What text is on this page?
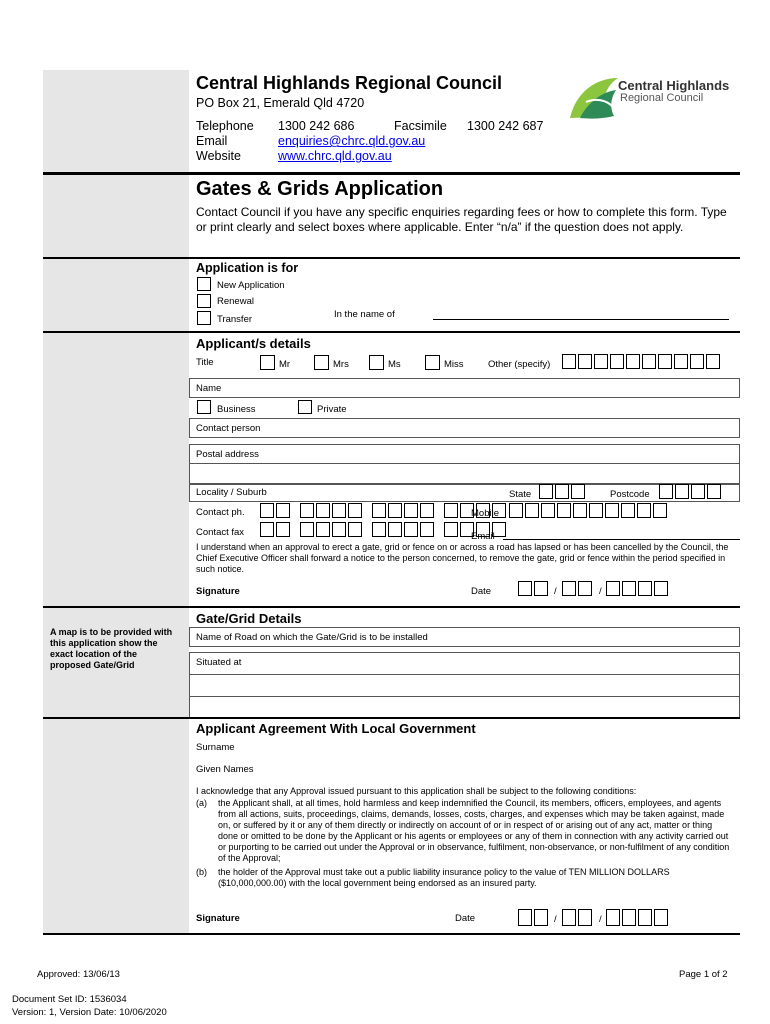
Central Highlands Regional Council
PO Box 21, Emerald Qld 4720
Telephone 1300 242 686	Facsimile 1300 242 687
Email	enquiries@chrc.qld.gov.au
Website	www.chrc.qld.gov.au
Central Highlands
Regional Council
Gates & Grids Application
Contact Council if you have any specific enquiries regarding fees or how to complete this form. Type or print clearly and select boxes where applicable. Enter “n/a” if the question does not apply.
Application is for
New Application
Renewal
Transfer	In the name of
Applicant/s details
Title	Mr	Mrs	Ms	Miss	Other (specify)
Name
Business	Private
Contact person
Postal address
Locality / Suburb	State	Postcode
Contact ph.	Mobile
Contact fax	Email
I understand when an approval to erect a gate, grid or fence on or across a road has lapsed or has been cancelled by the Council, the Chief Executive Officer shall forward a notice to the person concerned, to remove the gate, grid or fence within the period specified in such notice.
Signature	Date	/	/
Gate/Grid Details
A map is to be provided with this application show the exact location of the proposed Gate/Grid
Name of Road on which the Gate/Grid is to be installed
Situated at
Applicant Agreement With Local Government
Surname
Given Names
I acknowledge that any Approval issued pursuant to this application shall be subject to the following conditions:
(a) the Applicant shall, at all times, hold harmless and keep indemnified the Council, its members, officers, employees, and agents from all actions, suits, proceedings, claims, demands, losses, costs, charges, and expenses which may be taken against, made on, or suffered by it or any of them directly or indirectly on account of or in respect of or arising out of any act, matter or thing done or omitted to be done by the Applicant or his agents or employees or any of them in connection with any activity carried out or purporting to be carried out under the Approval or in observance, fulfilment, non-observance, or non-fulfilment of any condition of the Approval;
(b) the holder of the Approval must take out a public liability insurance policy to the value of TEN MILLION DOLLARS ($10,000,000.00) with the local government being endorsed as an insured party.
Signature	Date	/	/
Approved: 13/06/13	Page 1 of 2
Document Set ID: 1536034
Version: 1, Version Date: 10/06/2020
